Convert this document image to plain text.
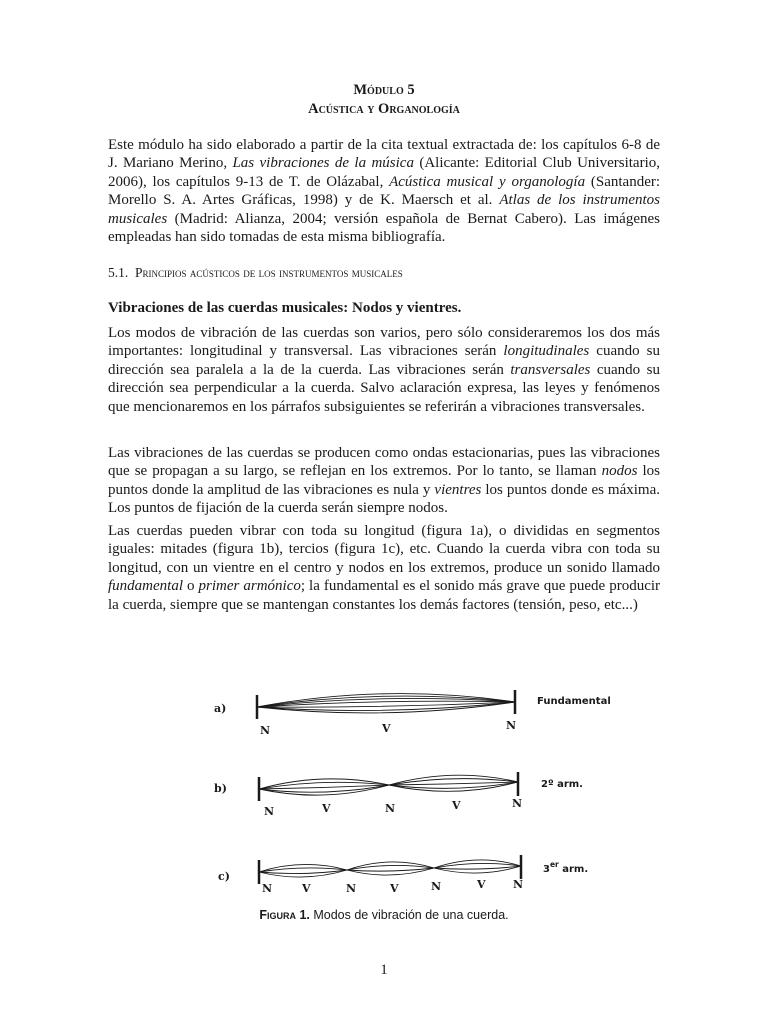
Módulo 5
Acústica y Organología

Este módulo ha sido elaborado a partir de la cita textual extractada de: los capítulos 6-8 de J. Mariano Merino, Las vibraciones de la música (Alicante: Editorial Club Universitario, 2006), los capítulos 9-13 de T. de Olázabal, Acústica musical y organología (Santander: Morello S. A. Artes Gráficas, 1998) y de K. Maersch et al. Atlas de los instrumentos musicales (Madrid: Alianza, 2004; versión española de Bernat Cabero). Las imágenes empleadas han sido tomadas de esta misma bibliografía.

5.1. Principios acústicos de los instrumentos musicales

Vibraciones de las cuerdas musicales: Nodos y vientres.

Los modos de vibración de las cuerdas son varios, pero sólo consideraremos los dos más importantes: longitudinal y transversal. Las vibraciones serán longitudinales cuando su dirección sea paralela a la de la cuerda. Las vibraciones serán transversales cuando su dirección sea perpendicular a la cuerda. Salvo aclaración expresa, las leyes y fenómenos que mencionaremos en los párrafos subsiguientes se referirán a vibraciones transversales.

Las vibraciones de las cuerdas se producen como ondas estacionarias, pues las vibraciones que se propagan a su largo, se reflejan en los extremos. Por lo tanto, se llaman nodos los puntos donde la amplitud de las vibraciones es nula y vientres los puntos donde es máxima. Los puntos de fijación de la cuerda serán siempre nodos.

Las cuerdas pueden vibrar con toda su longitud (figura 1a), o divididas en segmentos iguales: mitades (figura 1b), tercios (figura 1c), etc. Cuando la cuerda vibra con toda su longitud, con un vientre en el centro y nodos en los extremos, produce un sonido llamado fundamental o primer armónico; la fundamental es el sonido más grave que puede producir la cuerda, siempre que se mantengan constantes los demás factores (tensión, peso, etc...)

a)
Fundamental
N	V	N
b)	2º arm.
N	V	N	V	N
c)
3er arm.
N	V	N	V	N	V N
Figura 1. Modos de vibración de una cuerda.
1
